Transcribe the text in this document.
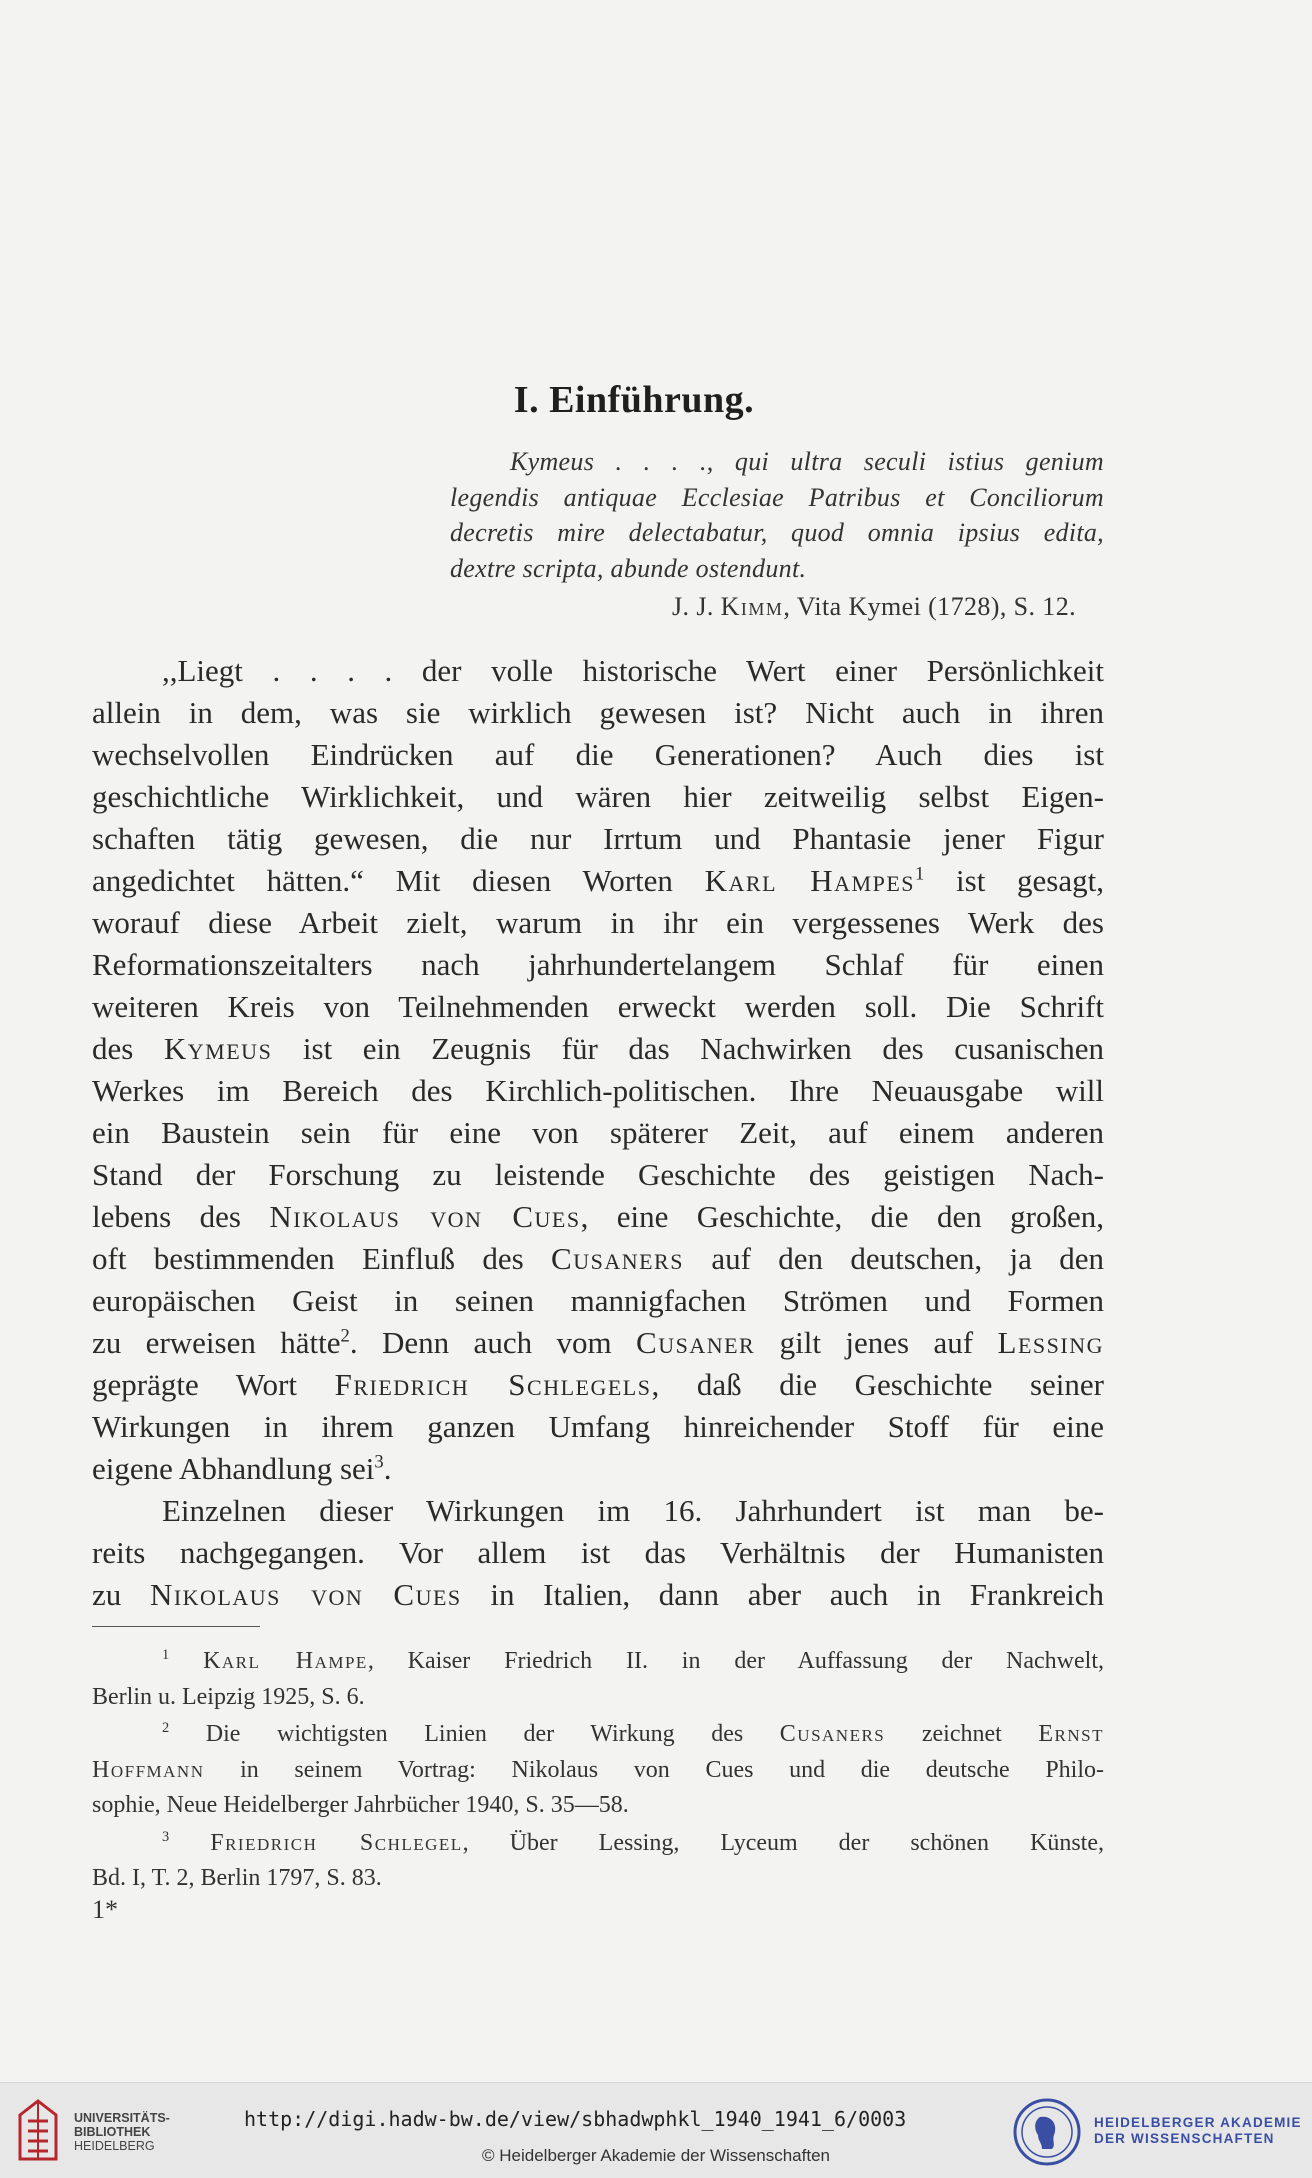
I. Einführung.
Kymeus . . . ., qui ultra seculi istius genium
legendis antiquae Ecclesiae Patribus et Conciliorum
decretis mire delectabatur, quod omnia ipsius edita,
dextre scripta, abunde ostendunt.
J. J. Kimm, Vita Kymei (1728), S. 12.
,,Liegt . . . . der volle historische Wert einer Persönlichkeit
allein in dem, was sie wirklich gewesen ist? Nicht auch in ihren
wechselvollen Eindrücken auf die Generationen? Auch dies ist
geschichtliche Wirklichkeit, und wären hier zeitweilig selbst Eigen-
schaften tätig gewesen, die nur Irrtum und Phantasie jener Figur
angedichtet hätten.“ Mit diesen Worten Karl Hampes$^1$ ist gesagt,
worauf diese Arbeit zielt, warum in ihr ein vergessenes Werk des
Reformationszeitalters nach jahrhundertelangem Schlaf für einen
weiteren Kreis von Teilnehmenden erweckt werden soll. Die Schrift
des Kymeus ist ein Zeugnis für das Nachwirken des cusanischen
Werkes im Bereich des Kirchlich-politischen. Ihre Neuausgabe will
ein Baustein sein für eine von späterer Zeit, auf einem anderen
Stand der Forschung zu leistende Geschichte des geistigen Nach-
lebens des Nikolaus von Cues, eine Geschichte, die den großen,
oft bestimmenden Einfluß des Cusaners auf den deutschen, ja den
europäischen Geist in seinen mannigfachen Strömen und Formen
zu erweisen hätte$^2$. Denn auch vom Cusaner gilt jenes auf Lessing
geprägte Wort Friedrich Schlegels, daß die Geschichte seiner
Wirkungen in ihrem ganzen Umfang hinreichender Stoff für eine
eigene Abhandlung sei$^3$.
Einzelnen dieser Wirkungen im 16. Jahrhundert ist man be-
reits nachgegangen. Vor allem ist das Verhältnis der Humanisten
zu Nikolaus von Cues in Italien, dann aber auch in Frankreich
$^1$ Karl Hampe, Kaiser Friedrich II. in der Auffassung der Nachwelt,
Berlin u. Leipzig 1925, S. 6.
$^2$ Die wichtigsten Linien der Wirkung des Cusaners zeichnet Ernst
Hoffmann in seinem Vortrag: Nikolaus von Cues und die deutsche Philo-
sophie, Neue Heidelberger Jahrbücher 1940, S. 35—58.
$^3$ Friedrich Schlegel, Über Lessing, Lyceum der schönen Künste,
Bd. I, T. 2, Berlin 1797, S. 83.
1*
UNIVERSITÄTS-
BIBLIOTHEK
HEIDELBERG
http://digi.hadw-bw.de/view/sbhadwphkl_1940_1941_6/0003
© Heidelberger Akademie der Wissenschaften
HEIDELBERGER AKADEMIE
DER WISSENSCHAFTEN
